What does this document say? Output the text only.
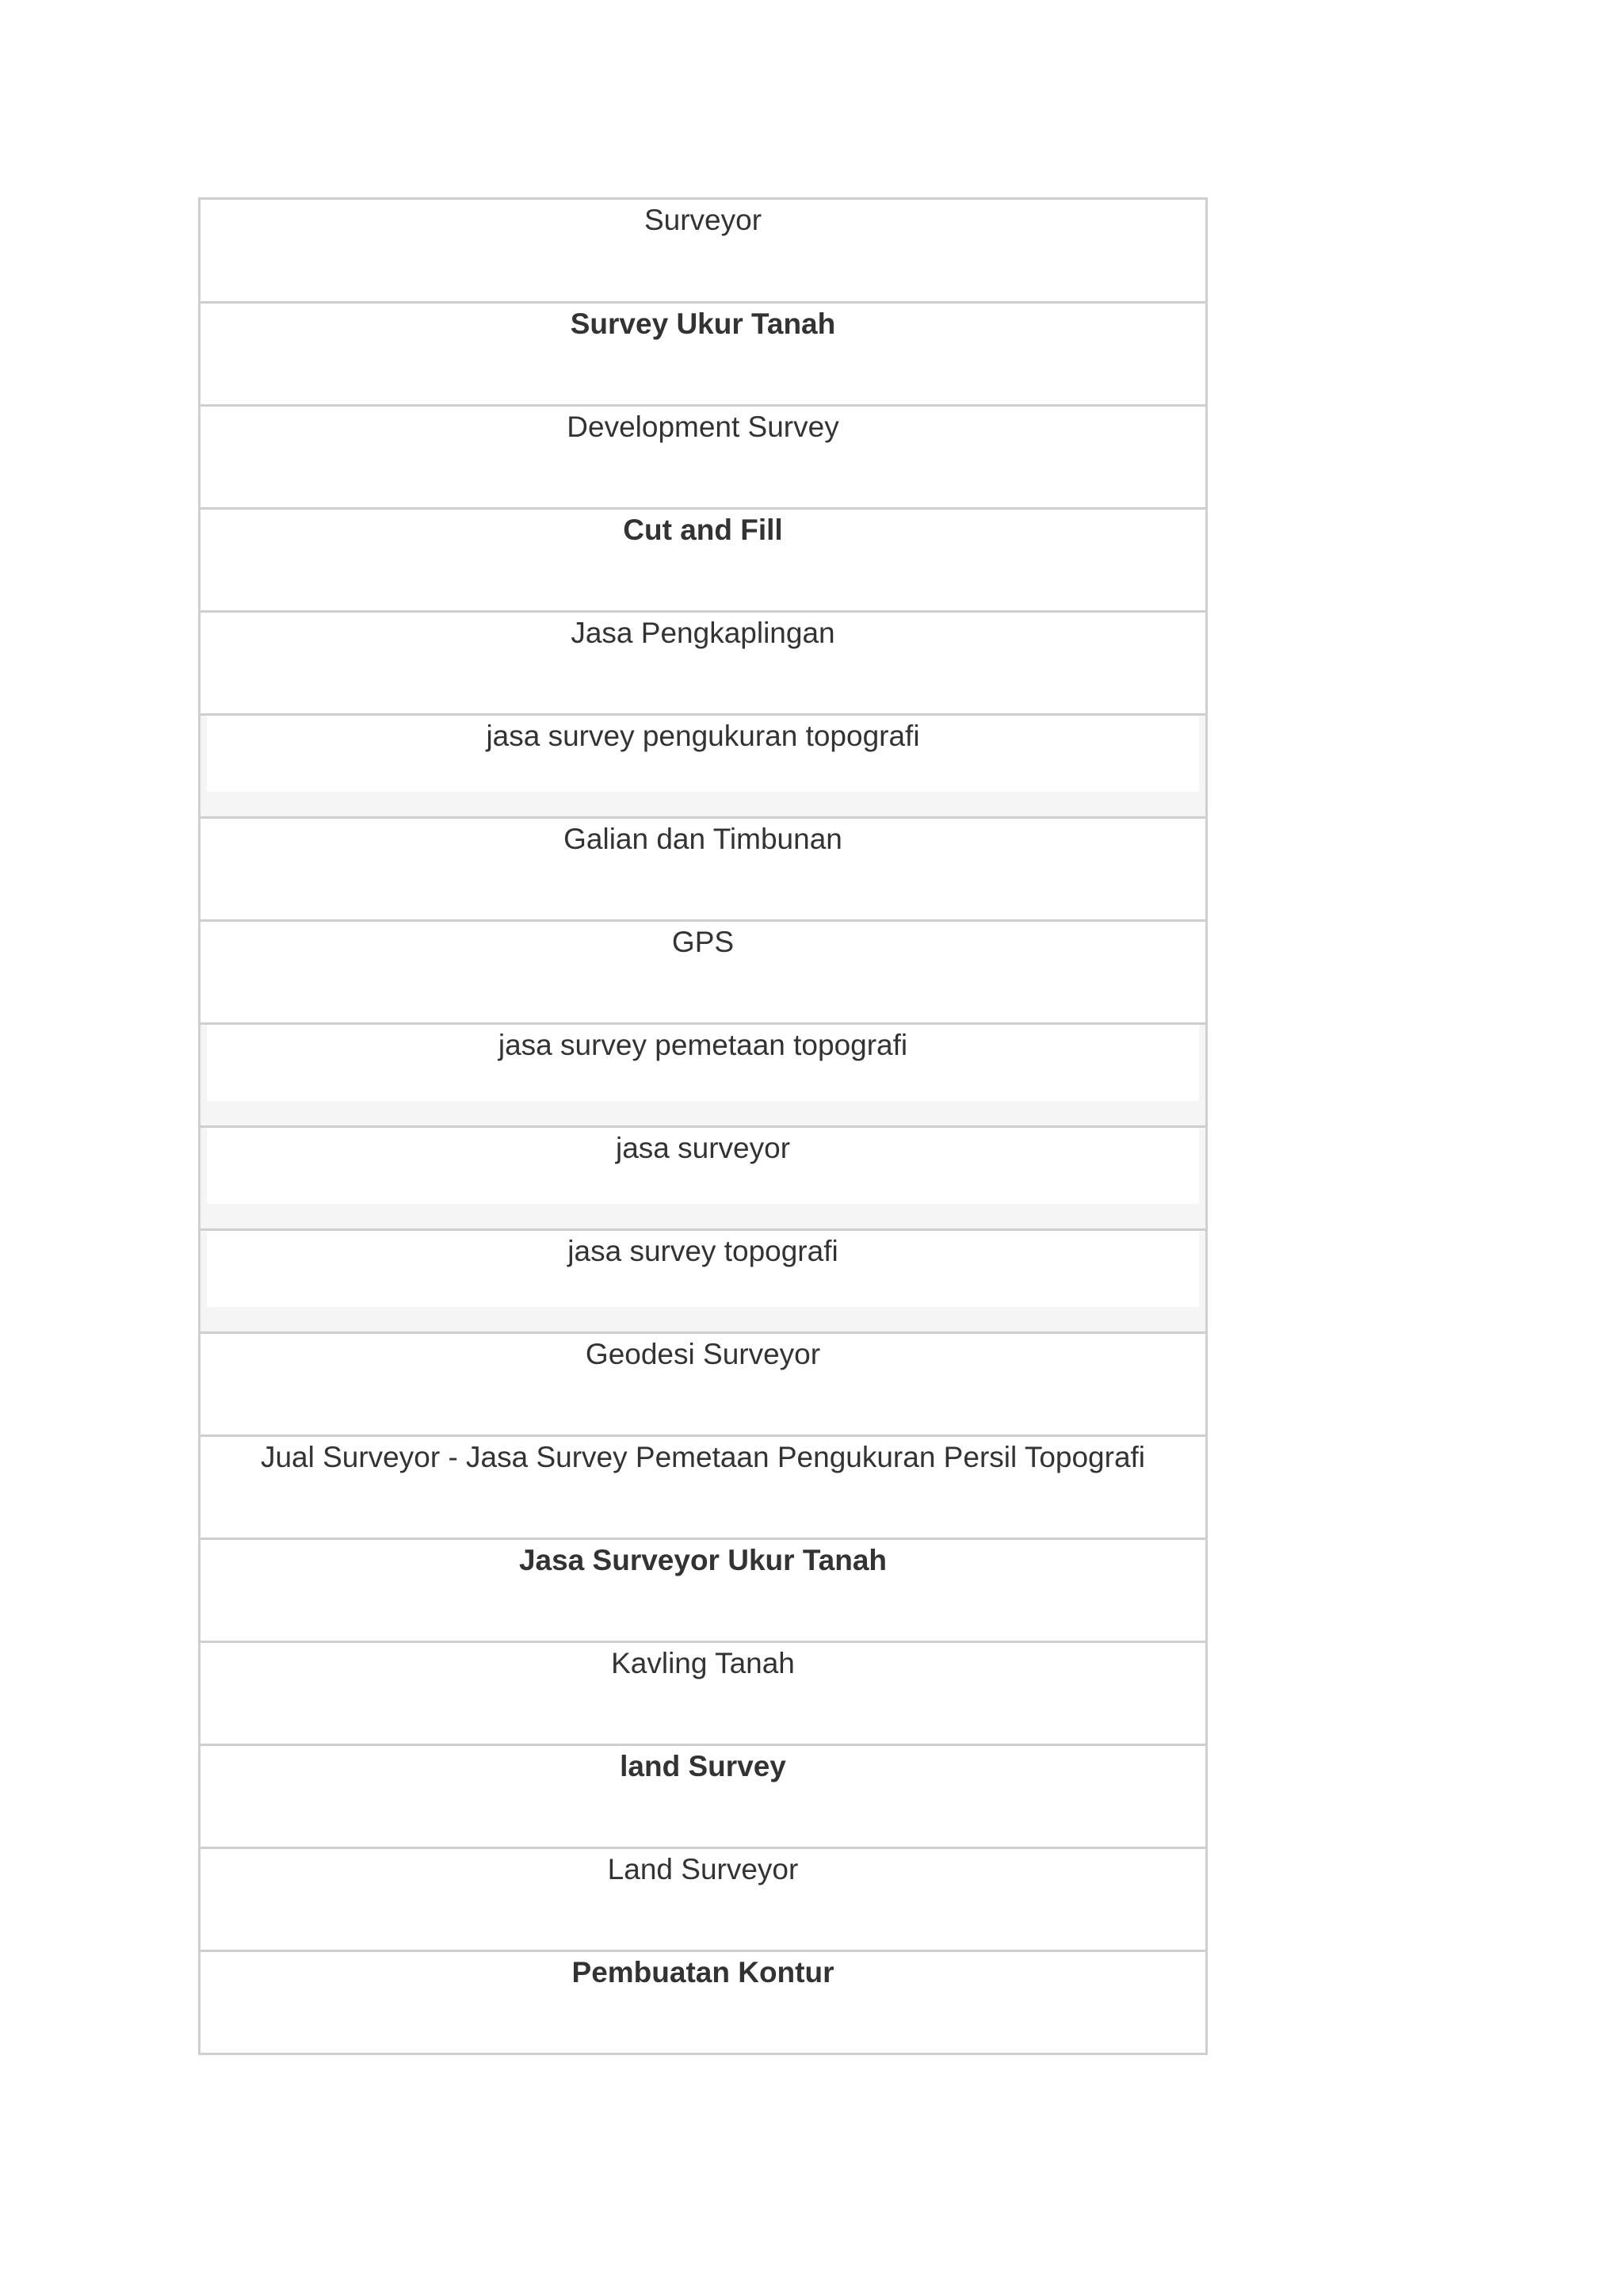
Surveyor
Survey Ukur Tanah
Development Survey
Cut and Fill
Jasa Pengkaplingan
jasa survey pengukuran topografi
Galian dan Timbunan
GPS
jasa survey pemetaan topografi
jasa surveyor
jasa survey topografi
Geodesi Surveyor
Jual Surveyor - Jasa Survey Pemetaan Pengukuran Persil Topografi
Jasa Surveyor Ukur Tanah
Kavling Tanah
land Survey
Land Surveyor
Pembuatan Kontur
